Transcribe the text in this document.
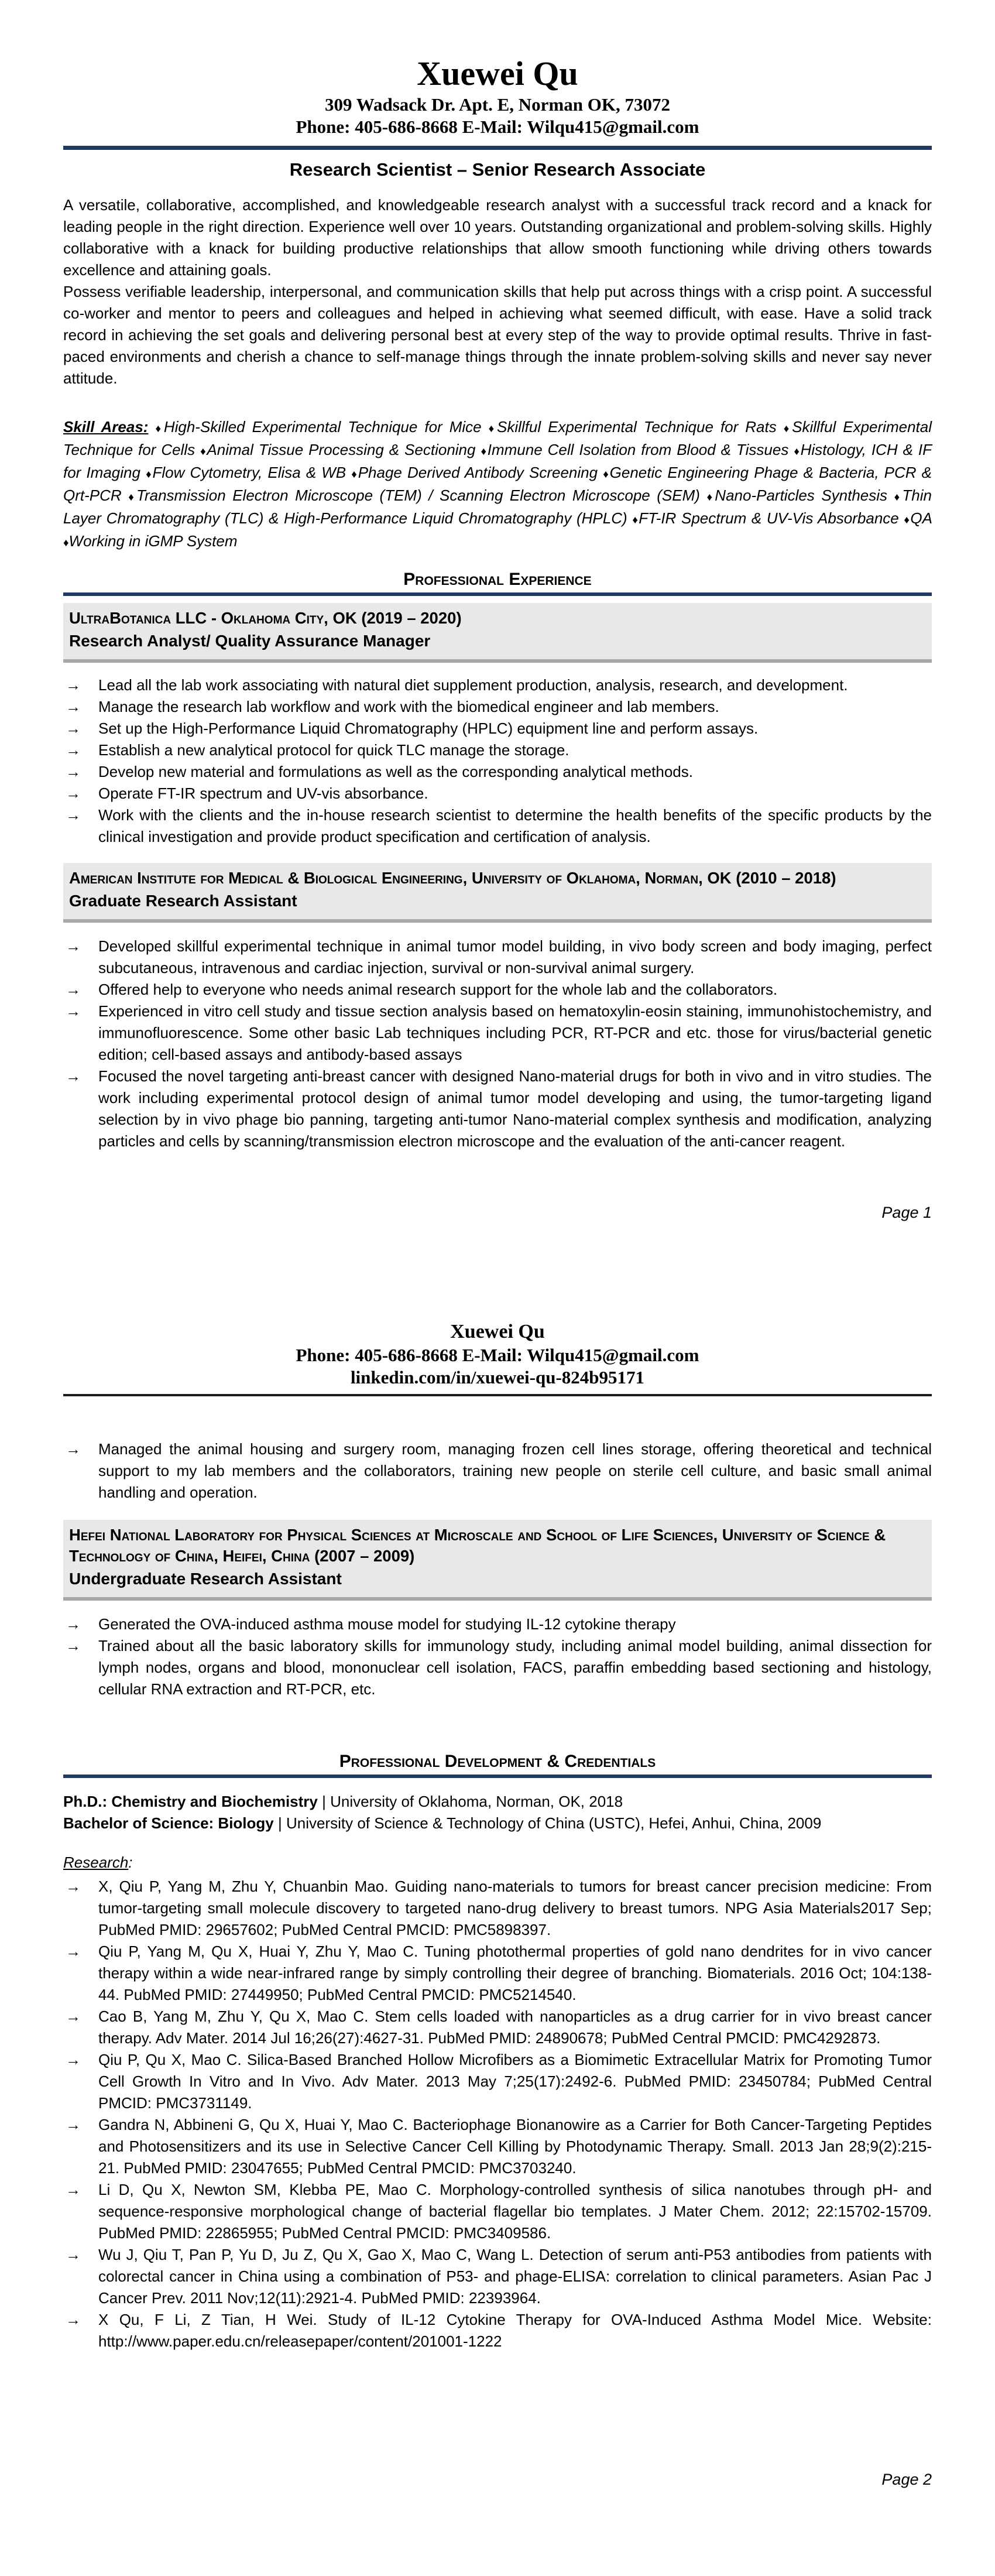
Xuewei Qu
309 Wadsack Dr. Apt. E, Norman OK, 73072
Phone: 405-686-8668 E-Mail: Wilqu415@gmail.com
Research Scientist – Senior Research Associate
A versatile, collaborative, accomplished, and knowledgeable research analyst with a successful track record and a knack for leading people in the right direction. Experience well over 10 years. Outstanding organizational and problem-solving skills. Highly collaborative with a knack for building productive relationships that allow smooth functioning while driving others towards excellence and attaining goals.
Possess verifiable leadership, interpersonal, and communication skills that help put across things with a crisp point. A successful co-worker and mentor to peers and colleagues and helped in achieving what seemed difficult, with ease. Have a solid track record in achieving the set goals and delivering personal best at every step of the way to provide optimal results. Thrive in fast-paced environments and cherish a chance to self-manage things through the innate problem-solving skills and never say never attitude.

Skill Areas: ♦High-Skilled Experimental Technique for Mice ♦Skillful Experimental Technique for Rats ♦Skillful Experimental Technique for Cells ♦Animal Tissue Processing & Sectioning ♦Immune Cell Isolation from Blood & Tissues ♦Histology, ICH & IF for Imaging ♦Flow Cytometry, Elisa & WB ♦Phage Derived Antibody Screening ♦Genetic Engineering Phage & Bacteria, PCR & Qrt-PCR ♦Transmission Electron Microscope (TEM) / Scanning Electron Microscope (SEM) ♦Nano-Particles Synthesis ♦Thin Layer Chromatography (TLC) & High-Performance Liquid Chromatography (HPLC) ♦FT-IR Spectrum & UV-Vis Absorbance ♦QA ♦Working in iGMP System

Professional Experience
UltraBotanica LLC - Oklahoma City, OK (2019 – 2020)
Research Analyst/ Quality Assurance Manager
→ Lead all the lab work associating with natural diet supplement production, analysis, research, and development.
→ Manage the research lab workflow and work with the biomedical engineer and lab members.
→ Set up the High-Performance Liquid Chromatography (HPLC) equipment line and perform assays.
→ Establish a new analytical protocol for quick TLC manage the storage.
→ Develop new material and formulations as well as the corresponding analytical methods.
→ Operate FT-IR spectrum and UV-vis absorbance.
→ Work with the clients and the in-house research scientist to determine the health benefits of the specific products by the clinical investigation and provide product specification and certification of analysis.
American Institute for Medical & Biological Engineering, University of Oklahoma, Norman, OK (2010 – 2018)
Graduate Research Assistant
→ Developed skillful experimental technique in animal tumor model building, in vivo body screen and body imaging, perfect subcutaneous, intravenous and cardiac injection, survival or non-survival animal surgery.
→ Offered help to everyone who needs animal research support for the whole lab and the collaborators.
→ Experienced in vitro cell study and tissue section analysis based on hematoxylin-eosin staining, immunohistochemistry, and immunofluorescence. Some other basic Lab techniques including PCR, RT-PCR and etc. those for virus/bacterial genetic edition; cell-based assays and antibody-based assays
→ Focused the novel targeting anti-breast cancer with designed Nano-material drugs for both in vivo and in vitro studies. The work including experimental protocol design of animal tumor model developing and using, the tumor-targeting ligand selection by in vivo phage bio panning, targeting anti-tumor Nano-material complex synthesis and modification, analyzing particles and cells by scanning/transmission electron microscope and the evaluation of the anti-cancer reagent.
Page 1
Xuewei Qu
Phone: 405-686-8668 E-Mail: Wilqu415@gmail.com
linkedin.com/in/xuewei-qu-824b95171
→ Managed the animal housing and surgery room, managing frozen cell lines storage, offering theoretical and technical support to my lab members and the collaborators, training new people on sterile cell culture, and basic small animal handling and operation.
Hefei National Laboratory for Physical Sciences at Microscale and School of Life Sciences, University of Science & Technology of China, Heifei, China (2007 – 2009)
Undergraduate Research Assistant
→ Generated the OVA-induced asthma mouse model for studying IL-12 cytokine therapy
→ Trained about all the basic laboratory skills for immunology study, including animal model building, animal dissection for lymph nodes, organs and blood, mononuclear cell isolation, FACS, paraffin embedding based sectioning and histology, cellular RNA extraction and RT-PCR, etc.
Professional Development & Credentials
Ph.D.: Chemistry and Biochemistry | University of Oklahoma, Norman, OK, 2018
Bachelor of Science: Biology | University of Science & Technology of China (USTC), Hefei, Anhui, China, 2009
Research:
→ X, Qiu P, Yang M, Zhu Y, Chuanbin Mao. Guiding nano-materials to tumors for breast cancer precision medicine: From tumor-targeting small molecule discovery to targeted nano-drug delivery to breast tumors. NPG Asia Materials2017 Sep; PubMed PMID: 29657602; PubMed Central PMCID: PMC5898397.
→ Qiu P, Yang M, Qu X, Huai Y, Zhu Y, Mao C. Tuning photothermal properties of gold nano dendrites for in vivo cancer therapy within a wide near-infrared range by simply controlling their degree of branching. Biomaterials. 2016 Oct; 104:138-44. PubMed PMID: 27449950; PubMed Central PMCID: PMC5214540.
→ Cao B, Yang M, Zhu Y, Qu X, Mao C. Stem cells loaded with nanoparticles as a drug carrier for in vivo breast cancer therapy. Adv Mater. 2014 Jul 16;26(27):4627-31. PubMed PMID: 24890678; PubMed Central PMCID: PMC4292873.
→ Qiu P, Qu X, Mao C. Silica-Based Branched Hollow Microfibers as a Biomimetic Extracellular Matrix for Promoting Tumor Cell Growth In Vitro and In Vivo. Adv Mater. 2013 May 7;25(17):2492-6. PubMed PMID: 23450784; PubMed Central PMCID: PMC3731149.
→ Gandra N, Abbineni G, Qu X, Huai Y, Mao C. Bacteriophage Bionanowire as a Carrier for Both Cancer-Targeting Peptides and Photosensitizers and its use in Selective Cancer Cell Killing by Photodynamic Therapy. Small. 2013 Jan 28;9(2):215-21. PubMed PMID: 23047655; PubMed Central PMCID: PMC3703240.
→ Li D, Qu X, Newton SM, Klebba PE, Mao C. Morphology-controlled synthesis of silica nanotubes through pH- and sequence-responsive morphological change of bacterial flagellar bio templates. J Mater Chem. 2012; 22:15702-15709. PubMed PMID: 22865955; PubMed Central PMCID: PMC3409586.
→ Wu J, Qiu T, Pan P, Yu D, Ju Z, Qu X, Gao X, Mao C, Wang L. Detection of serum anti-P53 antibodies from patients with colorectal cancer in China using a combination of P53- and phage-ELISA: correlation to clinical parameters. Asian Pac J Cancer Prev. 2011 Nov;12(11):2921-4. PubMed PMID: 22393964.
→ X Qu, F Li, Z Tian, H Wei. Study of IL-12 Cytokine Therapy for OVA-Induced Asthma Model Mice. Website: http://www.paper.edu.cn/releasepaper/content/201001-1222
Page 2
